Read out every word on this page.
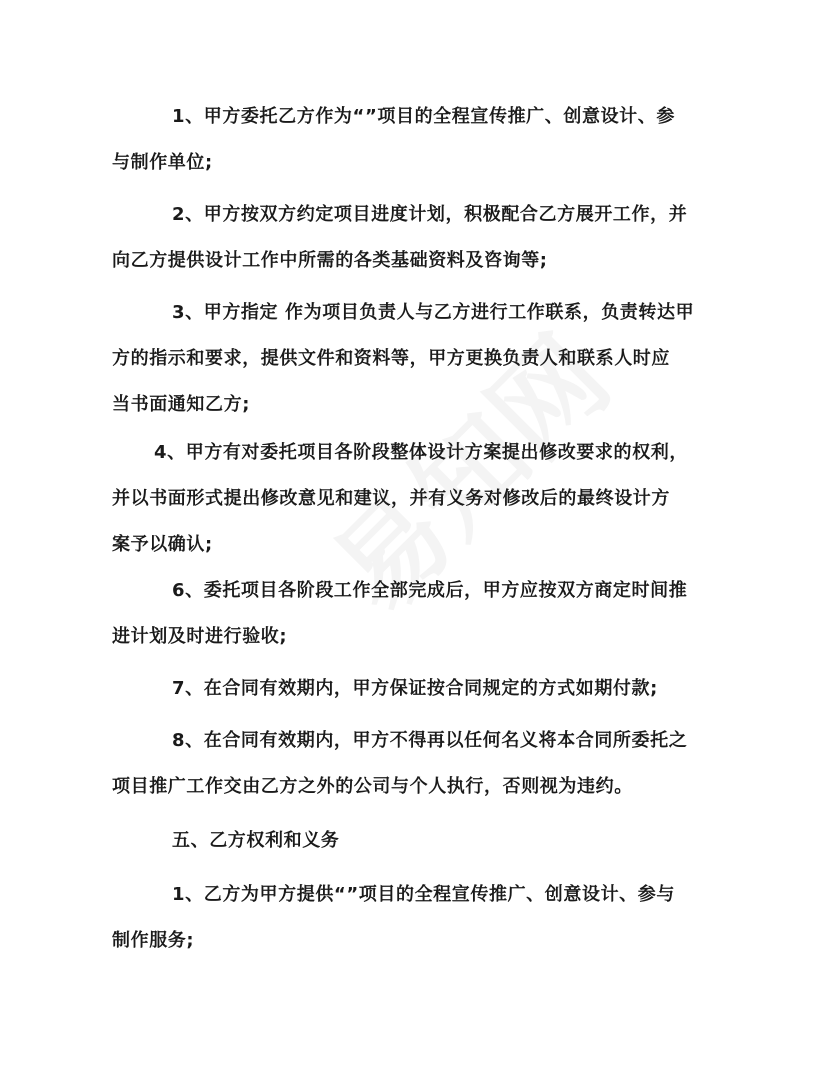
1、甲方委托乙方作为“”项目的全程宣传推广、创意设计、参
与制作单位;

2、甲方按双方约定项目进度计划，积极配合乙方展开工作，并
向乙方提供设计工作中所需的各类基础资料及咨询等;

3、甲方指定 作为项目负责人与乙方进行工作联系，负责转达甲
方的指示和要求，提供文件和资料等，甲方更换负责人和联系人时应
当书面通知乙方;

4、甲方有对委托项目各阶段整体设计方案提出修改要求的权利，
并以书面形式提出修改意见和建议，并有义务对修改后的最终设计方
案予以确认;

6、委托项目各阶段工作全部完成后，甲方应按双方商定时间推
进计划及时进行验收;

7、在合同有效期内，甲方保证按合同规定的方式如期付款;

8、在合同有效期内，甲方不得再以任何名义将本合同所委托之
项目推广工作交由乙方之外的公司与个人执行，否则视为违约。

五、乙方权利和义务

1、乙方为甲方提供“”项目的全程宣传推广、创意设计、参与
制作服务;
